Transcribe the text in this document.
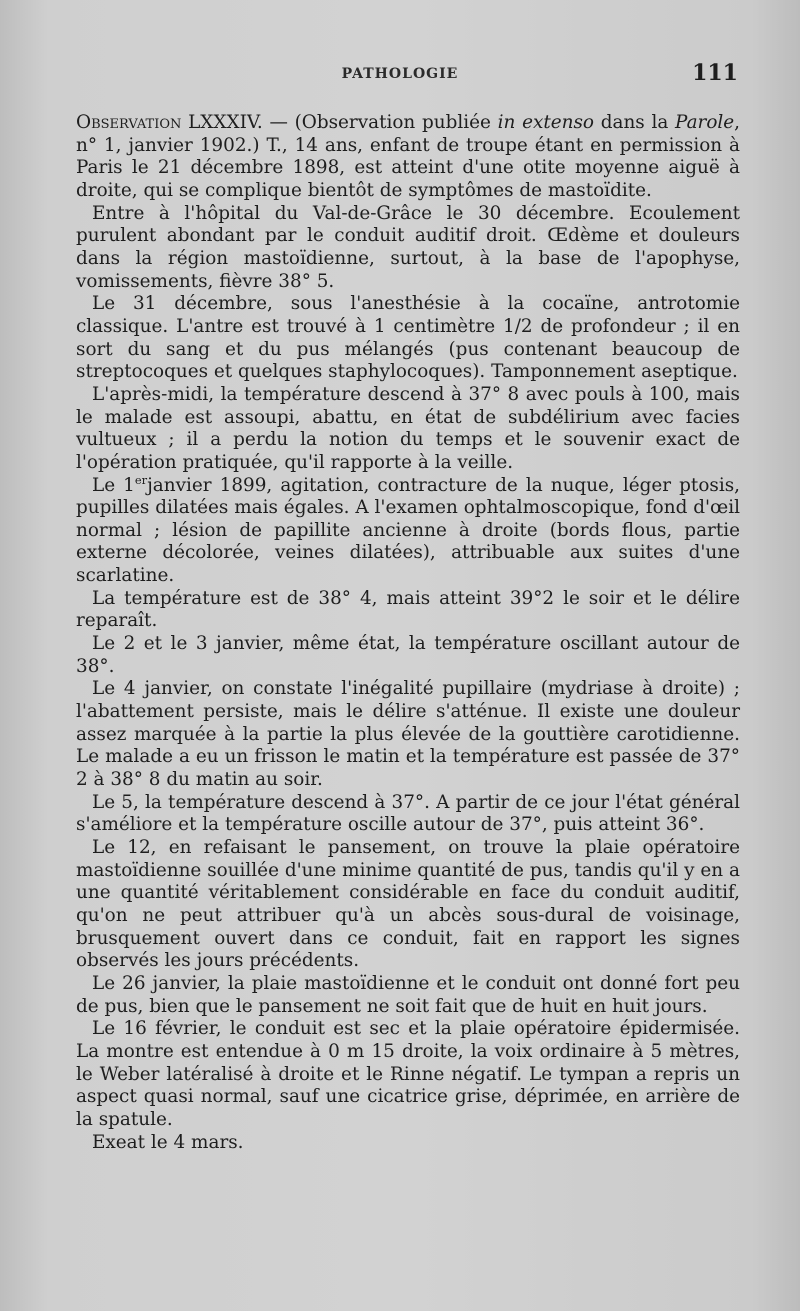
PATHOLOGIE	111

Observation LXXXIV. — (Observation publiée in extenso dans la Parole, n° 1, janvier 1902.) T., 14 ans, enfant de troupe étant en permission à Paris le 21 décembre 1898, est atteint d'une otite moyenne aiguë à droite, qui se complique bientôt de symptômes de mastoïdite.

Entre à l'hôpital du Val-de-Grâce le 30 décembre. Ecoulement purulent abondant par le conduit auditif droit. Œdème et douleurs dans la région mastoïdienne, surtout, à la base de l'apophyse, vomissements, fièvre 38° 5.

Le 31 décembre, sous l'anesthésie à la cocaïne, antrotomie classique. L'antre est trouvé à 1 centimètre 1/2 de profondeur ; il en sort du sang et du pus mélangés (pus contenant beaucoup de streptocoques et quelques staphylocoques). Tamponnement aseptique.

L'après-midi, la température descend à 37° 8 avec pouls à 100, mais le malade est assoupi, abattu, en état de subdélirium avec facies vultueux ; il a perdu la notion du temps et le souvenir exact de l'opération pratiquée, qu'il rapporte à la veille.

Le 1erjanvier 1899, agitation, contracture de la nuque, léger ptosis, pupilles dilatées mais égales. A l'examen ophtalmoscopique, fond d'œil normal ; lésion de papillite ancienne à droite (bords flous, partie externe décolorée, veines dilatées), attribuable aux suites d'une scarlatine.

La température est de 38° 4, mais atteint 39°2 le soir et le délire reparaît.

Le 2 et le 3 janvier, même état, la température oscillant autour de 38°.

Le 4 janvier, on constate l'inégalité pupillaire (mydriase à droite) ; l'abattement persiste, mais le délire s'atténue. Il existe une douleur assez marquée à la partie la plus élevée de la gouttière carotidienne. Le malade a eu un frisson le matin et la température est passée de 37° 2 à 38° 8 du matin au soir.

Le 5, la température descend à 37°. A partir de ce jour l'état général s'améliore et la température oscille autour de 37°, puis atteint 36°.

Le 12, en refaisant le pansement, on trouve la plaie opératoire mastoïdienne souillée d'une minime quantité de pus, tandis qu'il y en a une quantité véritablement considérable en face du conduit auditif, qu'on ne peut attribuer qu'à un abcès sous-dural de voisinage, brusquement ouvert dans ce conduit, fait en rapport les signes observés les jours précédents.

Le 26 janvier, la plaie mastoïdienne et le conduit ont donné fort peu de pus, bien que le pansement ne soit fait que de huit en huit jours.

Le 16 février, le conduit est sec et la plaie opératoire épidermisée. La montre est entendue à 0 m 15 droite, la voix ordinaire à 5 mètres, le Weber latéralisé à droite et le Rinne négatif. Le tympan a repris un aspect quasi normal, sauf une cicatrice grise, déprimée, en arrière de la spatule.

Exeat le 4 mars.
